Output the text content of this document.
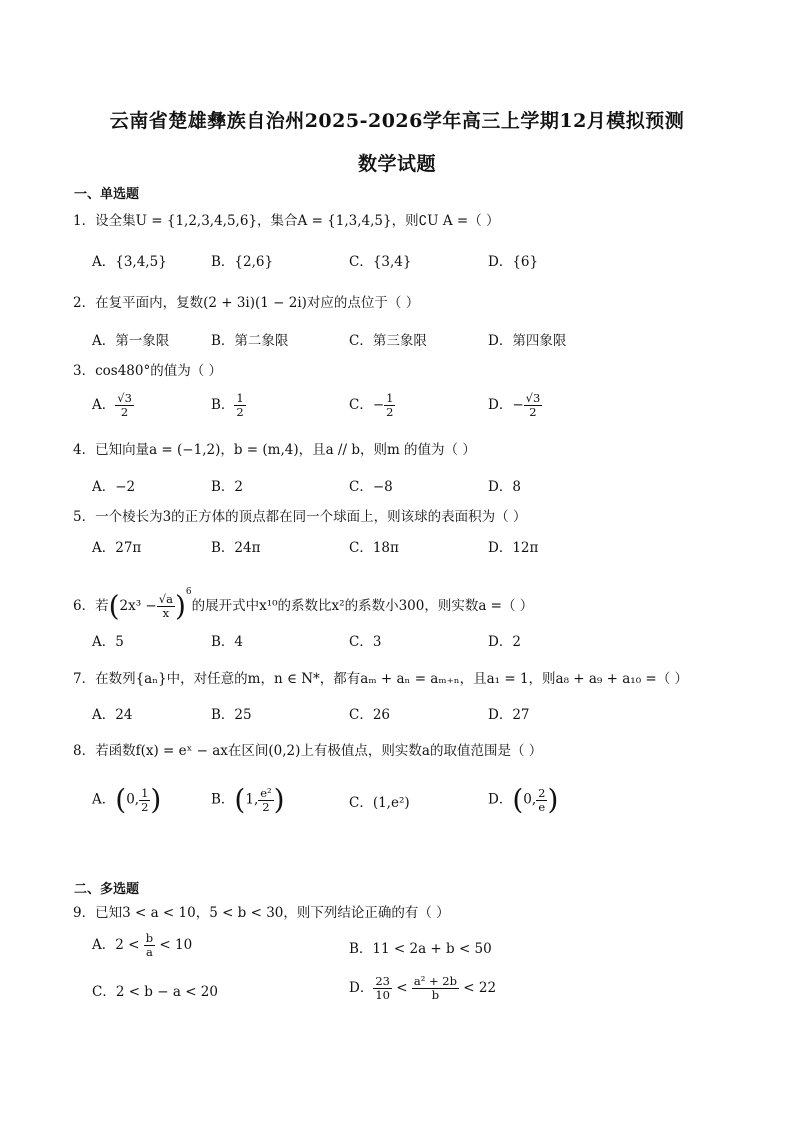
云南省楚雄彝族自治州2025-2026学年高三上学期12月模拟预测
数学试题
一、单选题
1．设全集U = {1,2,3,4,5,6}，集合A = {1,3,4,5}，则∁U A =（ ）
A．{3,4,5}	B．{2,6}	C．{3,4}	D．{6}
2．在复平面内，复数(2 + 3i)(1 − 2i)对应的点位于（ ）
A．第一象限	B．第二象限	C．第三象限	D．第四象限
3．cos480°的值为（ ）
A． $\frac{√3}{2}$	B． $\frac{1}{2}$	C．− $\frac{1}{2}$	D．− $\frac{√3}{2}$
4．已知向量a = (−1,2)，b = (m,4)，且a // b，则m 的值为（ ）
A．−2	B．2	C．−8	D．8
5．一个棱长为3的正方体的顶点都在同一个球面上，则该球的表面积为（ ）
A．27π	B．24π	C．18π	D．12π
6．若$(2x^3 - \frac{√a}{x} )^6$的展开式中x¹⁰的系数比x²的系数小300，则实数a =（ ）
A．5	B．4	C．3	D．2
7．在数列{aₙ}中，对任意的m，n ∈ N*，都有aₘ + aₙ = aₘ₊ₙ，且a₁ = 1，则a₈ + a₉ + a₁₀ =（ ）
A．24	B．25	C．26	D．27
8．若函数f(x) = eˣ − ax在区间(0,2)上有极值点，则实数a的取值范围是（ ）
A．(0, $\frac{1}{2}$ )	B．(1, $\frac{\text{e²}}{2}$ )	C．(1,e²)	D．(0, $\frac{2}{e}$ )
二、多选题
9．已知3 < a < 10，5 < b < 30，则下列结论正确的有（ ）
A．$2 < \frac{b}{a} < 10$	B．11 < 2a + b < 50
C．2 < b − a < 20	D． $\frac{23}{10} < \frac{\text{a² + 2b}}{b} < 22$
